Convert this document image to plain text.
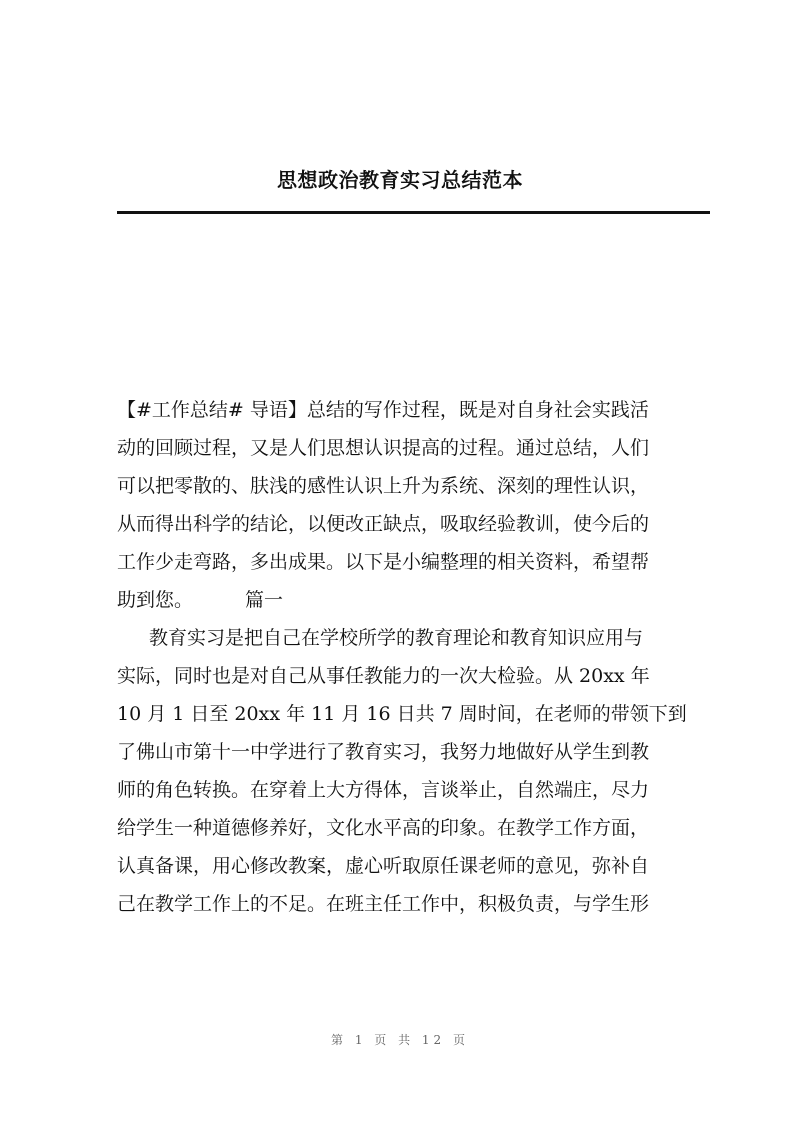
思想政治教育实习总结范本
【#工作总结# 导语】总结的写作过程，既是对自身社会实践活
动的回顾过程，又是人们思想认识提高的过程。通过总结，人们
可以把零散的、肤浅的感性认识上升为系统、深刻的理性认识，
从而得出科学的结论，以便改正缺点，吸取经验教训，使今后的
工作少走弯路，多出成果。以下是小编整理的相关资料，希望帮
助到您。	篇一
教育实习是把自己在学校所学的教育理论和教育知识应用与
实际，同时也是对自己从事任教能力的一次大检验。从 20xx 年
10 月 1 日至 20xx 年 11 月 16 日共 7 周时间，在老师的带领下到
了佛山市第十一中学进行了教育实习，我努力地做好从学生到教
师的角色转换。在穿着上大方得体，言谈举止，自然端庄，尽力
给学生一种道德修养好，文化水平高的印象。在教学工作方面，
认真备课，用心修改教案，虚心听取原任课老师的意见，弥补自
己在教学工作上的不足。在班主任工作中，积极负责，与学生形
第 1 页 共 12 页
